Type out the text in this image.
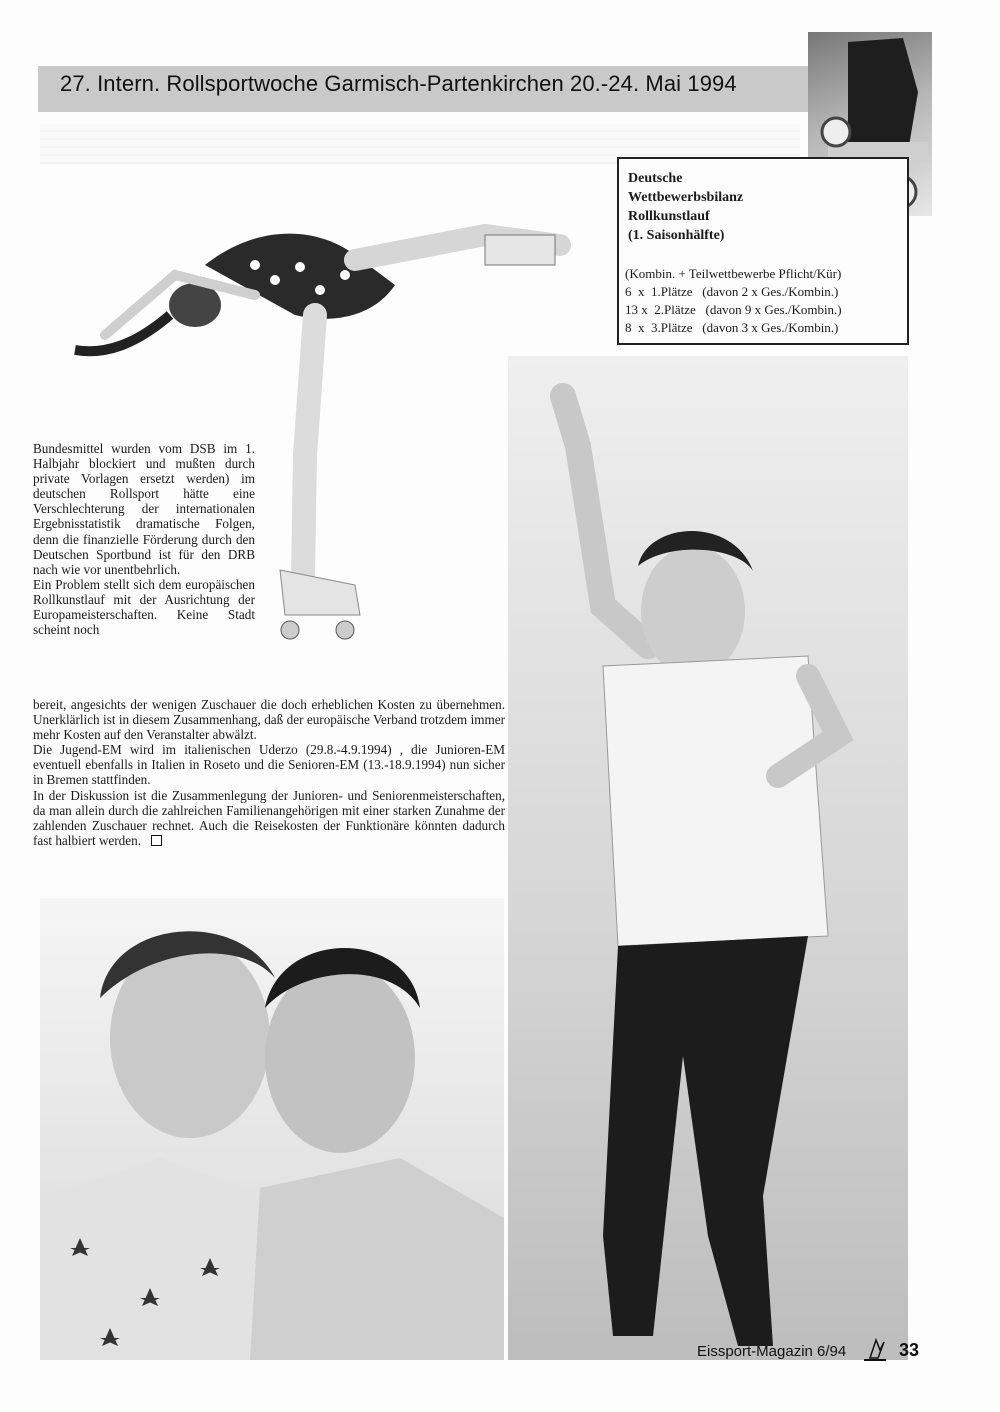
27. Intern. Rollsportwoche Garmisch-Partenkirchen 20.-24. Mai 1994
Deutsche
Wettbewerbsbilanz
Rollkunstlauf
(1. Saisonhälfte)
(Kombin. + Teilwettbewerbe Pflicht/Kür)
6  x  1.Plätze   (davon 2 x Ges./Kombin.)
13 x  2.Plätze   (davon 9 x Ges./Kombin.)
8  x  3.Plätze   (davon 3 x Ges./Kombin.)

Bundesmittel wurden vom DSB im 1. Halbjahr blockiert und mußten durch private Vorlagen ersetzt werden) im deutschen Rollsport hätte eine Verschlechterung der internationalen Ergebnisstatistik dramatische Folgen, denn die finanzielle Förderung durch den Deutschen Sportbund ist für den DRB nach wie vor unentbehrlich.

Ein Problem stellt sich dem europäischen Rollkunstlauf mit der Ausrichtung der Europameisterschaften. Keine Stadt scheint noch

bereit, angesichts der wenigen Zuschauer die doch erheblichen Kosten zu übernehmen. Unerklärlich ist in diesem Zusammenhang, daß der europäische Verband trotzdem immer mehr Kosten auf den Veranstalter abwälzt.

Die Jugend-EM wird im italienischen Uderzo (29.8.-4.9.1994) , die Junioren-EM eventuell ebenfalls in Italien in Roseto und die Senioren-EM (13.-18.9.1994) nun sicher in Bremen stattfinden.

In der Diskussion ist die Zusammenlegung der Junioren- und Seniorenmeisterschaften, da man allein durch die zahlreichen Familienangehörigen mit einer starken Zunahme der zahlenden Zuschauer rechnet. Auch die Reisekosten der Funktionäre könnten dadurch fast halbiert werden.

Eissport-Magazin 6/94	33
